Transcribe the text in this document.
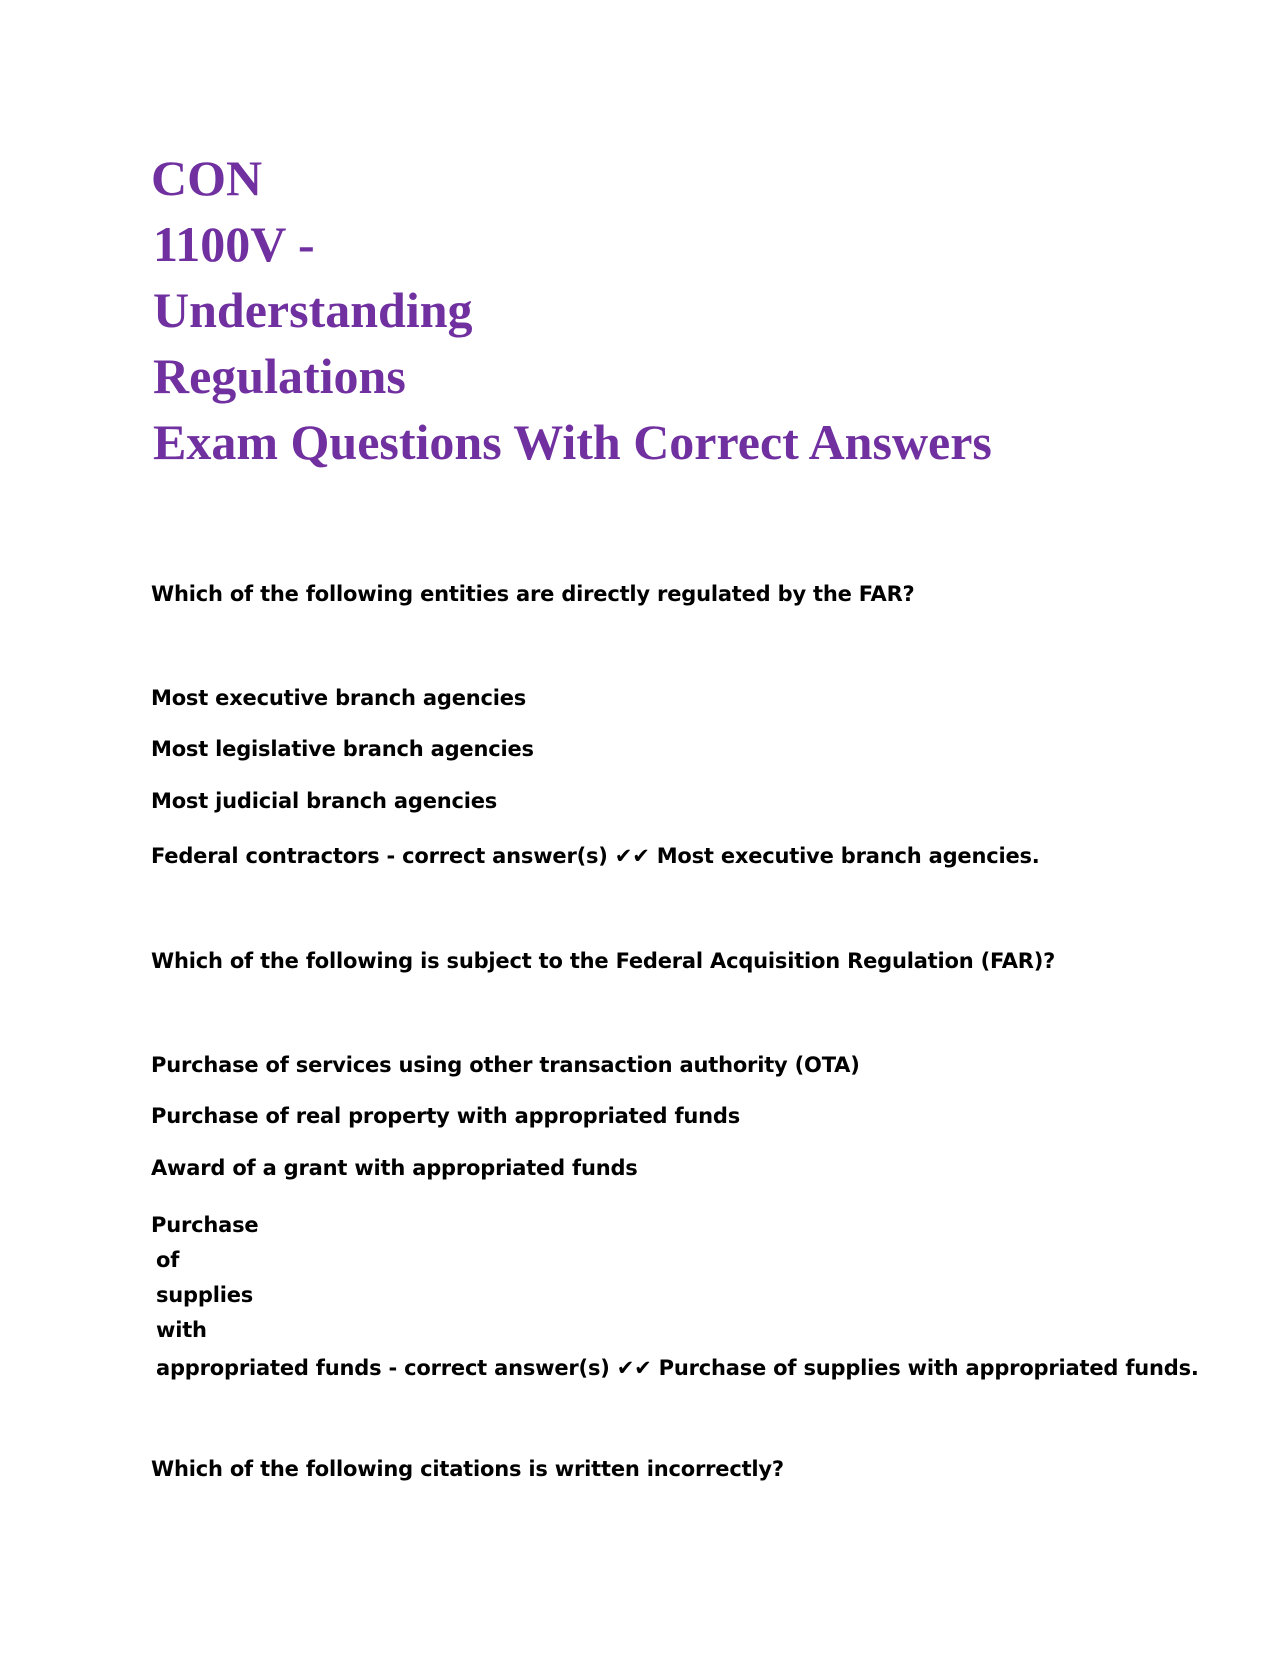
CON
1100V -
Understanding
Regulations
Exam Questions With Correct Answers

Which of the following entities are directly regulated by the FAR?

Most executive branch agencies

Most legislative branch agencies

Most judicial branch agencies

Federal contractors - correct answer(s) ✔✔ Most executive branch agencies.

Which of the following is subject to the Federal Acquisition Regulation (FAR)?

Purchase of services using other transaction authority (OTA)

Purchase of real property with appropriated funds

Award of a grant with appropriated funds

Purchase
of
supplies
with
appropriated funds - correct answer(s) ✔✔ Purchase of supplies with appropriated funds.

Which of the following citations is written incorrectly?
